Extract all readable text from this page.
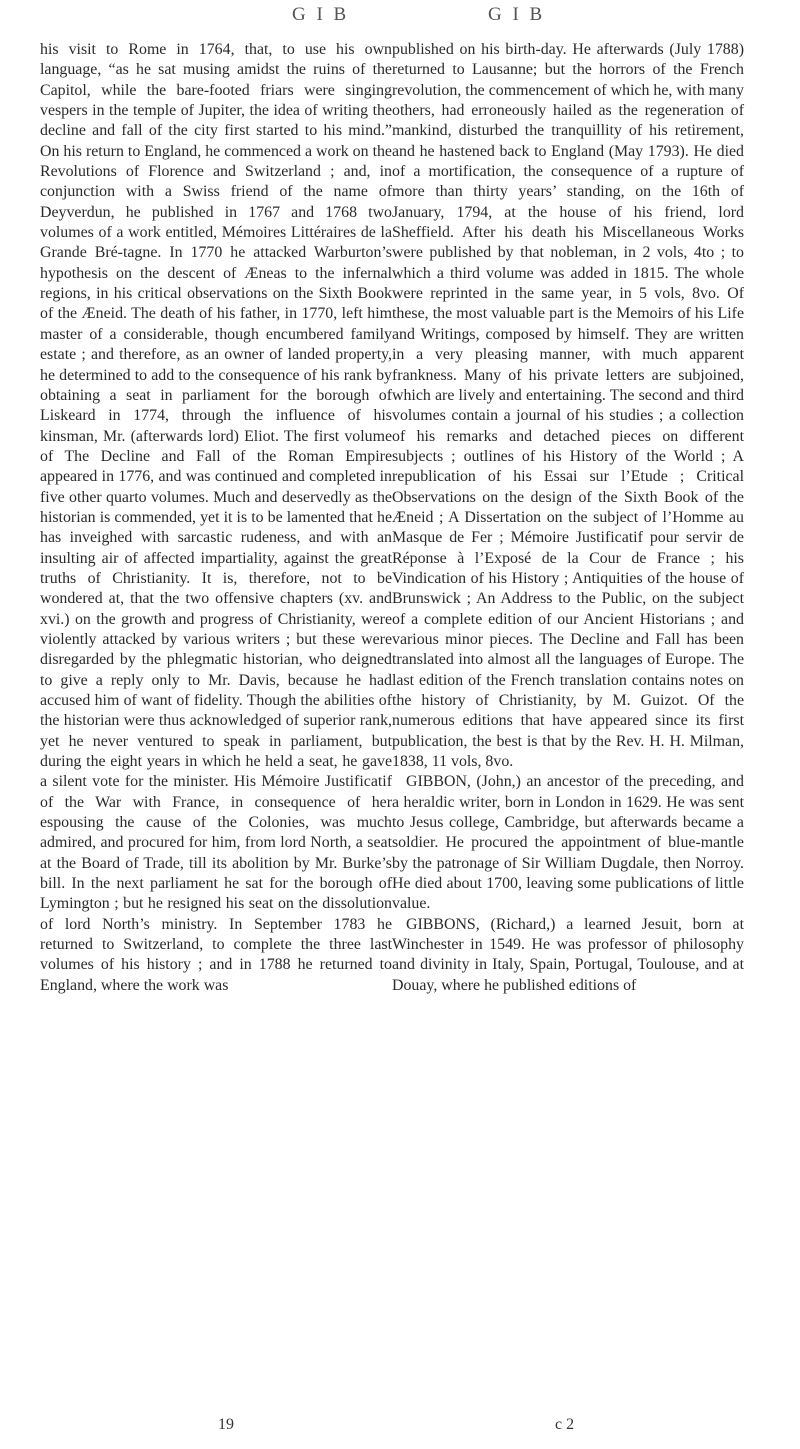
G I B	G I B

his visit to Rome in 1764, that, to use his own language, “as he sat musing amidst the ruins of the Capitol, while the bare-footed friars were singing vespers in the temple of Jupiter, the idea of writing the decline and fall of the city first started to his mind.” On his return to England, he commenced a work on the Revolutions of Florence and Switzerland ; and, in conjunction with a Swiss friend of the name of Deyverdun, he published in 1767 and 1768 two volumes of a work entitled, Mémoires Littéraires de la Grande Bré-tagne. In 1770 he attacked Warburton’s hypothesis on the descent of Æneas to the infernal regions, in his critical observations on the Sixth Book of the Æneid. The death of his father, in 1770, left him master of a considerable, though encumbered family estate ; and therefore, as an owner of landed property, he determined to add to the consequence of his rank by obtaining a seat in parliament for the borough of Liskeard in 1774, through the influence of his kinsman, Mr. (afterwards lord) Eliot. The first volume of The Decline and Fall of the Roman Empire appeared in 1776, and was continued and completed in five other quarto volumes. Much and deservedly as the historian is commended, yet it is to be lamented that he has inveighed with sarcastic rudeness, and with an insulting air of affected impartiality, against the great truths of Christianity. It is, therefore, not to be wondered at, that the two offensive chapters (xv. and xvi.) on the growth and progress of Christianity, were violently attacked by various writers ; but these were disregarded by the phlegmatic historian, who deigned to give a reply only to Mr. Davis, because he had accused him of want of fidelity. Though the abilities of the historian were thus acknowledged of superior rank, yet he never ventured to speak in parliament, but during the eight years in which he held a seat, he gave a silent vote for the minister. His Mémoire Justificatif of the War with France, in consequence of her espousing the cause of the Colonies, was much admired, and procured for him, from lord North, a seat at the Board of Trade, till its abolition by Mr. Burke’s bill. In the next parliament he sat for the borough of Lymington ; but he resigned his seat on the dissolution of lord North’s ministry. In September 1783 he returned to Switzerland, to complete the three last volumes of his history ; and in 1788 he returned to England, where the work was

published on his birth-day. He afterwards (July 1788) returned to Lausanne; but the horrors of the French revolution, the commencement of which he, with many others, had erroneously hailed as the regeneration of mankind, disturbed the tranquillity of his retirement, and he hastened back to England (May 1793). He died of a mortification, the consequence of a rupture of more than thirty years’ standing, on the 16th of January, 1794, at the house of his friend, lord Sheffield. After his death his Miscellaneous Works were published by that nobleman, in 2 vols, 4to ; to which a third volume was added in 1815. The whole were reprinted in the same year, in 5 vols, 8vo. Of these, the most valuable part is the Memoirs of his Life and Writings, composed by himself. They are written in a very pleasing manner, with much apparent frankness. Many of his private letters are subjoined, which are lively and entertaining. The second and third volumes contain a journal of his studies ; a collection of his remarks and detached pieces on different subjects ; outlines of his History of the World ; A republication of his Essai sur l’Etude ; Critical Observations on the design of the Sixth Book of the Æneid ; A Dissertation on the subject of l’Homme au Masque de Fer ; Mémoire Justificatif pour servir de Réponse à l’Exposé de la Cour de France ; his Vindication of his History ; Antiquities of the house of Brunswick ; An Address to the Public, on the subject of a complete edition of our Ancient Historians ; and various minor pieces. The Decline and Fall has been translated into almost all the languages of Europe. The last edition of the French translation contains notes on the history of Christianity, by M. Guizot. Of the numerous editions that have appeared since its first publication, the best is that by the Rev. H. H. Milman, 1838, 11 vols, 8vo.

GIBBON, (John,) an ancestor of the preceding, and a heraldic writer, born in London in 1629. He was sent to Jesus college, Cambridge, but afterwards became a soldier. He procured the appointment of blue-mantle by the patronage of Sir William Dugdale, then Norroy. He died about 1700, leaving some publications of little value.

GIBBONS, (Richard,) a learned Jesuit, born at Winchester in 1549. He was professor of philosophy and divinity in Italy, Spain, Portugal, Toulouse, and at Douay, where he published editions of

19	c 2
